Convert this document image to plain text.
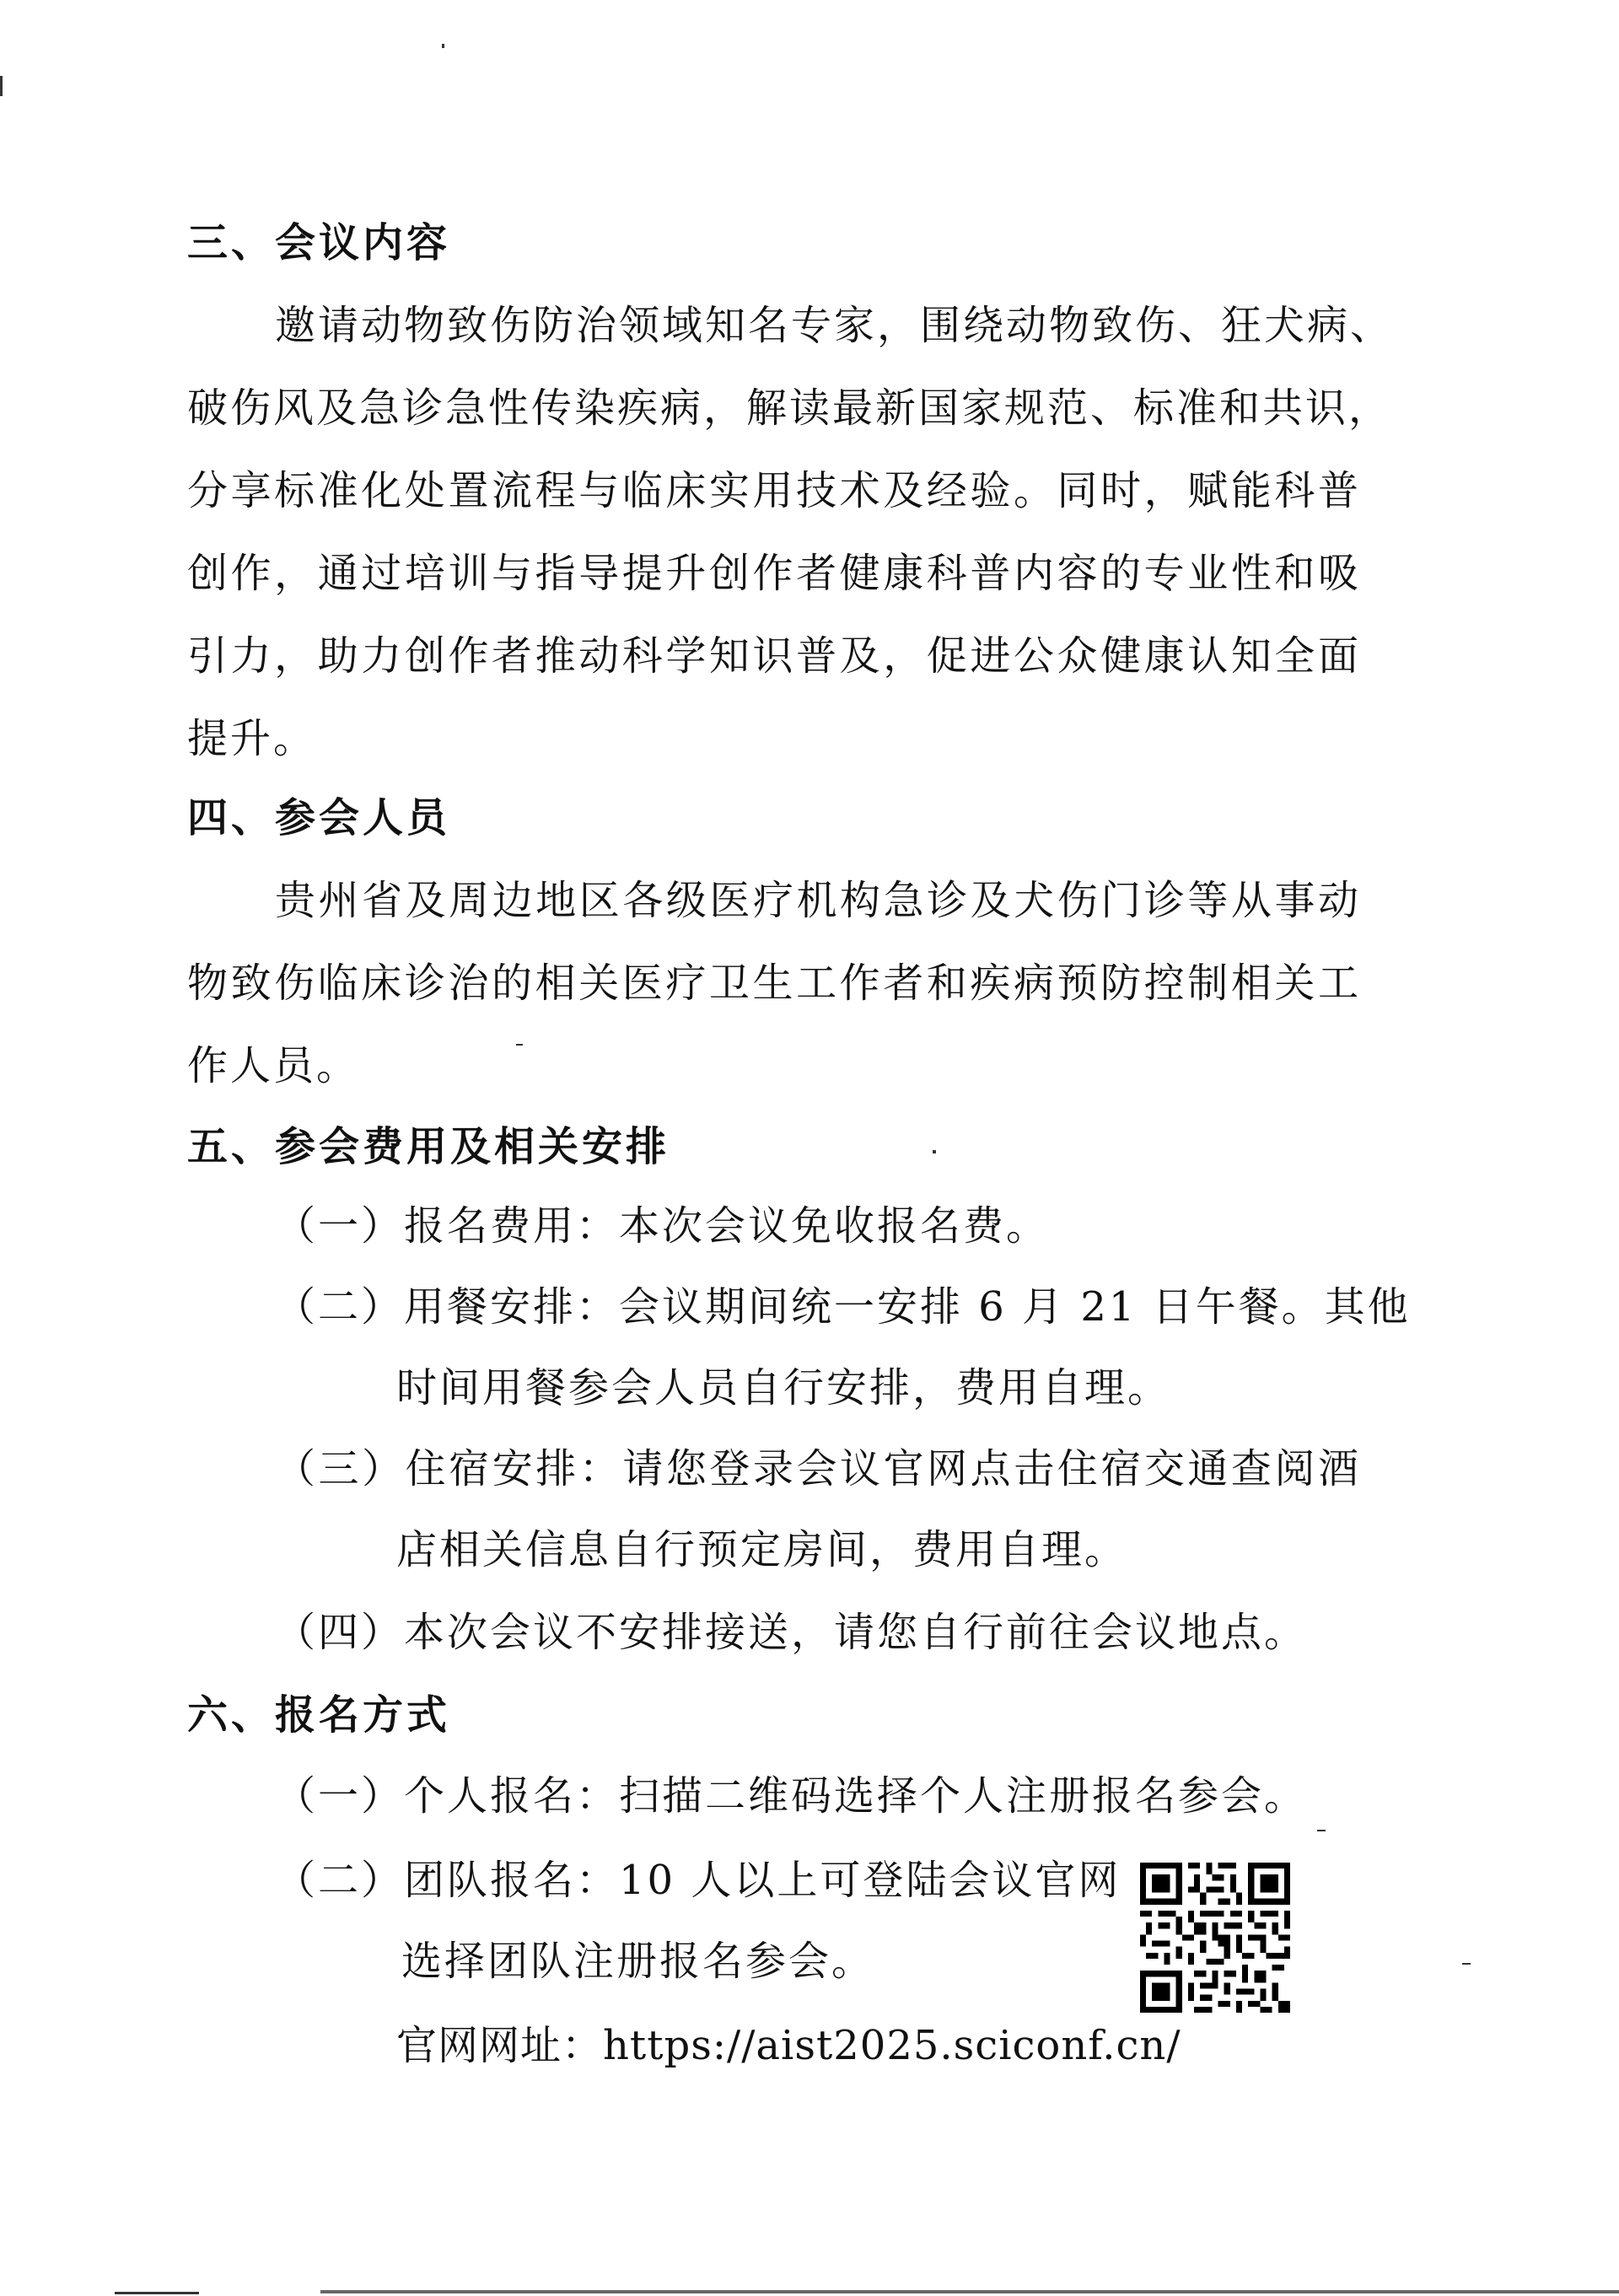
三、会议内容
邀请动物致伤防治领域知名专家，围绕动物致伤、狂犬病、
破伤风及急诊急性传染疾病，解读最新国家规范、标准和共识，
分享标准化处置流程与临床实用技术及经验。同时，赋能科普
创作，通过培训与指导提升创作者健康科普内容的专业性和吸
引力，助力创作者推动科学知识普及，促进公众健康认知全面
提升。
四、参会人员
贵州省及周边地区各级医疗机构急诊及犬伤门诊等从事动
物致伤临床诊治的相关医疗卫生工作者和疾病预防控制相关工
作人员。
五、参会费用及相关安排
（一）报名费用：本次会议免收报名费。
（二）用餐安排：会议期间统一安排 6 月 21 日午餐。其他
时间用餐参会人员自行安排，费用自理。
（三）住宿安排：请您登录会议官网点击住宿交通查阅酒
店相关信息自行预定房间，费用自理。
（四）本次会议不安排接送，请您自行前往会议地点。
六、报名方式
（一）个人报名：扫描二维码选择个人注册报名参会。
（二）团队报名：10 人以上可登陆会议官网
选择团队注册报名参会。
官网网址：https://aist2025.sciconf.cn/
